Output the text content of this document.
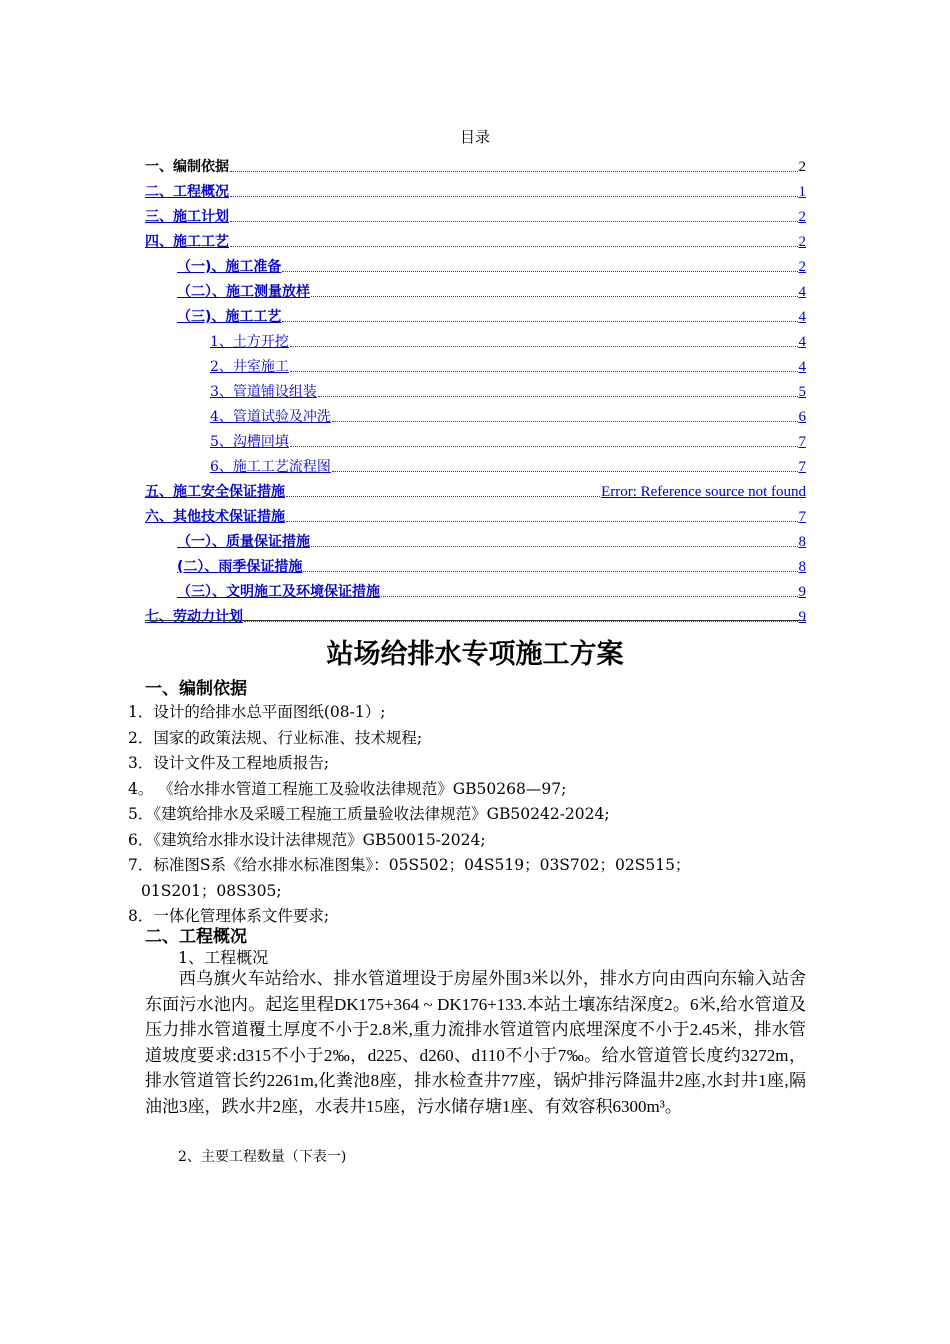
目录
一、编制依据	2
二、工程概况	1
三、施工计划	2
四、施工工艺	2
（一)、施工准备	2
（二）、施工测量放样	4
（三)、施工工艺	4
1、土方开挖	4
2、井室施工	4
3、管道铺设组装	5
4、管道试验及冲洗	6
5、沟槽回填	7
6、施工工艺流程图	7
五、施工安全保证措施	Error: Reference source not found
六、其他技术保证措施	7
（一）、质量保证措施	8
(二）、雨季保证措施	8
（三）、文明施工及环境保证措施	9
七、劳动力计划	9
站场给排水专项施工方案
一、编制依据
1．设计的给排水总平面图纸(08-1）;
2．国家的政策法规、行业标准、技术规程;
3．设计文件及工程地质报告;
4。 《给水排水管道工程施工及验收法律规范》GB50268—97;
5．《建筑给排水及采暖工程施工质量验收法律规范》GB50242-2024;
6．《建筑给水排水设计法律规范》GB50015-2024;
7．标准图S系《给水排水标准图集》：05S502；04S519；03S702；02S515；
01S201；08S305;
8．一体化管理体系文件要求;
二、工程概况
1、工程概况
西乌旗火车站给水、排水管道埋设于房屋外围3米以外，排水方向由西向东输入站舍东面污水池内。起迄里程DK175+364 ~ DK176+133.本站土壤冻结深度2。6米,给水管道及压力排水管道覆土厚度不小于2.8米,重力流排水管道管内底埋深度不小于2.45米，排水管道坡度要求:d315不小于2‰，d225、d260、d110不小于7‰。给水管道管长度约3272m，排水管道管长约2261m,化粪池8座，排水检查井77座，锅炉排污降温井2座,水封井1座,隔油池3座，跌水井2座，水表井15座，污水储存塘1座、有效容积6300m³。
2、主要工程数量（下表一)
